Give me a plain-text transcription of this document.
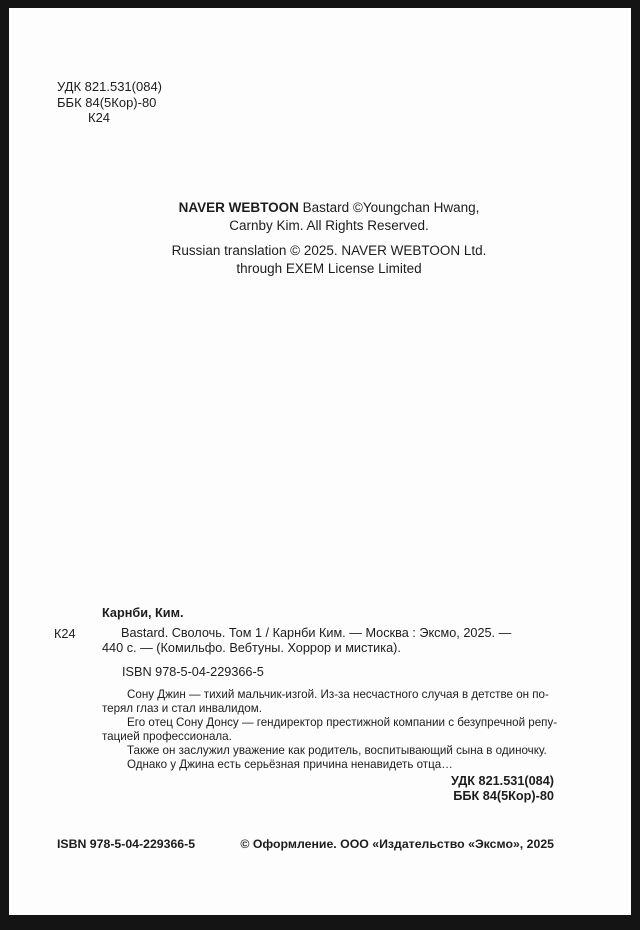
УДК 821.531(084)
ББК 84(5Кор)-80
К24
NAVER WEBTOON Bastard ©Youngchan Hwang,
Carnby Kim. All Rights Reserved.
Russian translation © 2025. NAVER WEBTOON Ltd.
through EXEM License Limited
Карнби, Ким.
К24	Bastard. Сволочь. Том 1 / Карнби Ким. — Москва : Эксмо, 2025. —
440 с. — (Комильфо. Вебтуны. Хоррор и мистика).
ISBN 978-5-04-229366-5
Сону Джин — тихий мальчик-изгой. Из-за несчастного случая в детстве он по-
терял глаз и стал инвалидом.
Его отец Сону Донсу — гендиректор престижной компании с безупречной репу-
тацией профессионала.
Также он заслужил уважение как родитель, воспитывающий сына в одиночку.
Однако у Джина есть серьёзная причина ненавидеть отца…
УДК 821.531(084)
ББК 84(5Кор)-80
ISBN 978-5-04-229366-5	© Оформление. ООО «Издательство «Эксмо», 2025
